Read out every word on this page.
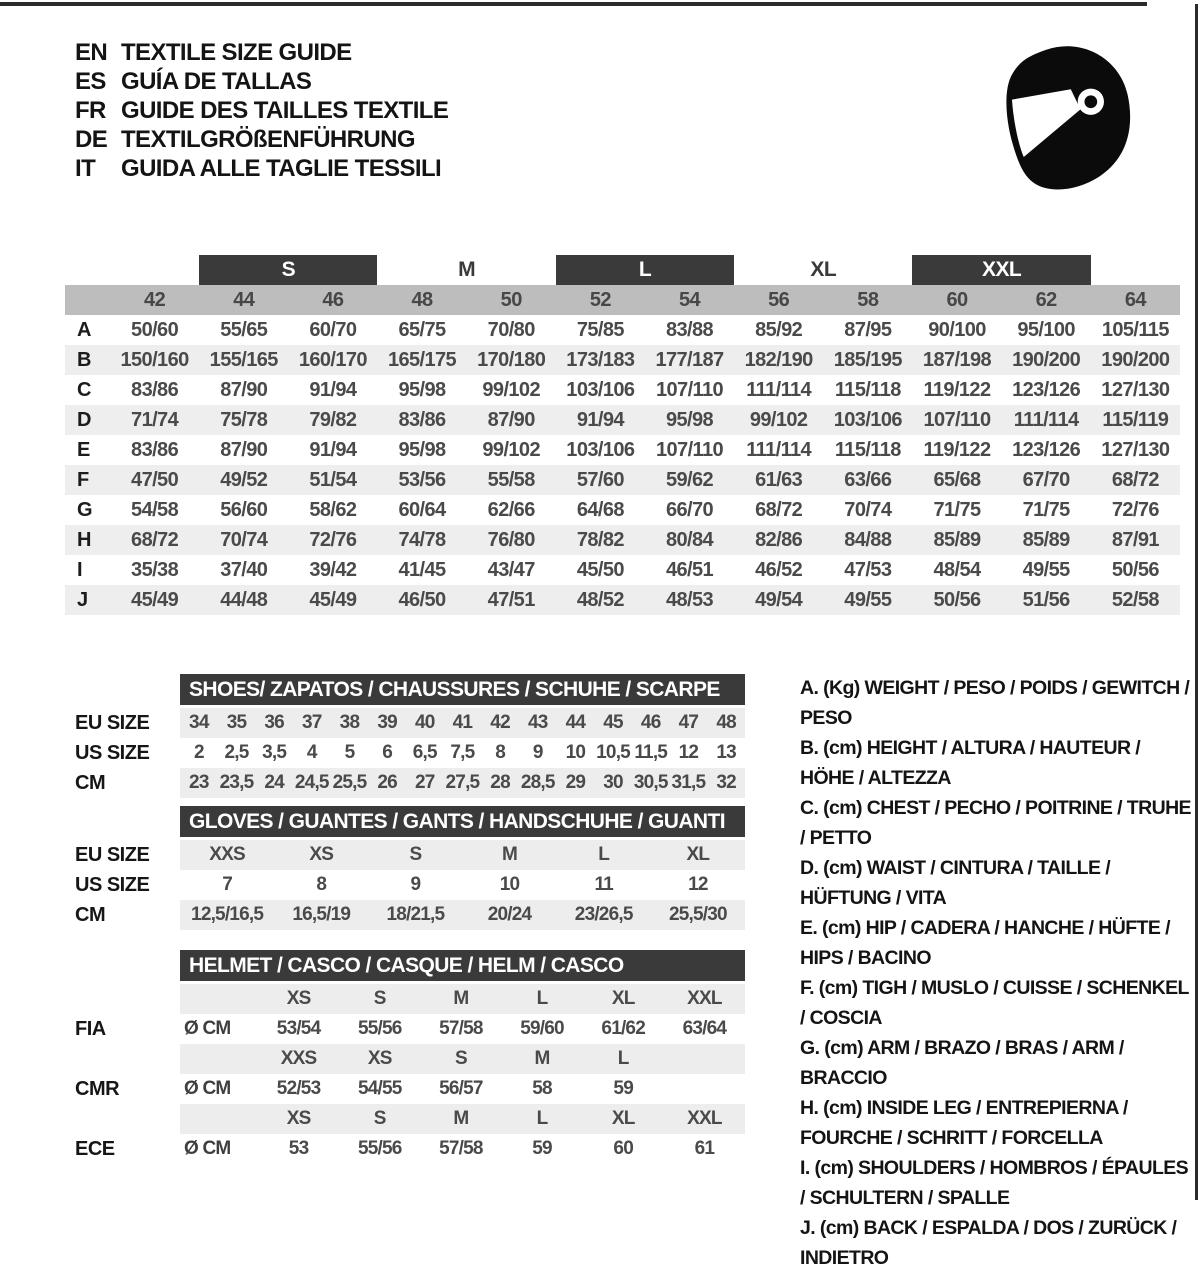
EN TEXTILE SIZE GUIDE
ES GUÍA DE TALLAS
FR GUIDE DES TAILLES TEXTILE
DE TEXTILGRÖßENFÜHRUNG
IT	GUIDA ALLE TAGLIE TESSILI
		S		M		L		XL		XXL		
	42	44	46	48	50	52	54	56	58	60	62	64
A	50/60	55/65	60/70	65/75	70/80	75/85	83/88	85/92	87/95	90/100	95/100	105/115
B	150/160	155/165	160/170	165/175	170/180	173/183	177/187	182/190	185/195	187/198	190/200	190/200
C	83/86	87/90	91/94	95/98	99/102	103/106	107/110	111/114	115/118	119/122	123/126	127/130
D	71/74	75/78	79/82	83/86	87/90	91/94	95/98	99/102	103/106	107/110	111/114	115/119
E	83/86	87/90	91/94	95/98	99/102	103/106	107/110	111/114	115/118	119/122	123/126	127/130
F	47/50	49/52	51/54	53/56	55/58	57/60	59/62	61/63	63/66	65/68	67/70	68/72
G	54/58	56/60	58/62	60/64	62/66	64/68	66/70	68/72	70/74	71/75	71/75	72/76
H	68/72	70/74	72/76	74/78	76/80	78/82	80/84	82/86	84/88	85/89	85/89	87/91
I	35/38	37/40	39/42	41/45	43/47	45/50	46/51	46/52	47/53	48/54	49/55	50/56
J	45/49	44/48	45/49	46/50	47/51	48/52	48/53	49/54	49/55	50/56	51/56	52/58
SHOES/ ZAPATOS / CHAUSSURES / SCHUHE / SCARPE
EU SIZE	34	35	36	37	38	39	40	41	42	43	44	45	46	47	48
US SIZE	2	2,5	3,5	4	5	6	6,5	7,5	8	9	10	10,5	11,5	12	13
CM	23	23,5	24	24,5	25,5	26	27	27,5	28	28,5	29	30	30,5	31,5	32
GLOVES / GUANTES / GANTS / HANDSCHUHE / GUANTI
EU SIZE	XXS	XS	S	M	L	XL
US SIZE	7	8	9	10	11	12
CM	12,5/16,5	16,5/19	18/21,5	20/24	23/26,5	25,5/30
HELMET / CASCO / CASQUE / HELM / CASCO
		XS	S	M	L	XL	XXL
FIA	Ø CM	53/54	55/56	57/58	59/60	61/62	63/64
		XXS	XS	S	M	L	
CMR	Ø CM	52/53	54/55	56/57	58	59	
		XS	S	M	L	XL	XXL
ECE	Ø CM	53	55/56	57/58	59	60	61
A. (Kg) WEIGHT / PESO / POIDS / GEWITCH / PESO
B. (cm) HEIGHT / ALTURA / HAUTEUR / HÖHE / ALTEZZA
C. (cm) CHEST / PECHO / POITRINE / TRUHE / PETTO
D. (cm) WAIST / CINTURA / TAILLE / HÜFTUNG / VITA
E. (cm) HIP / CADERA / HANCHE / HÜFTE / HIPS / BACINO
F. (cm) TIGH / MUSLO / CUISSE / SCHENKEL / COSCIA
G. (cm) ARM / BRAZO / BRAS / ARM / BRACCIO
H. (cm) INSIDE LEG / ENTREPIERNA / FOURCHE / SCHRITT / FORCELLA
I. (cm) SHOULDERS / HOMBROS / ÉPAULES / SCHULTERN / SPALLE
J. (cm) BACK / ESPALDA / DOS / ZURÜCK / INDIETRO
